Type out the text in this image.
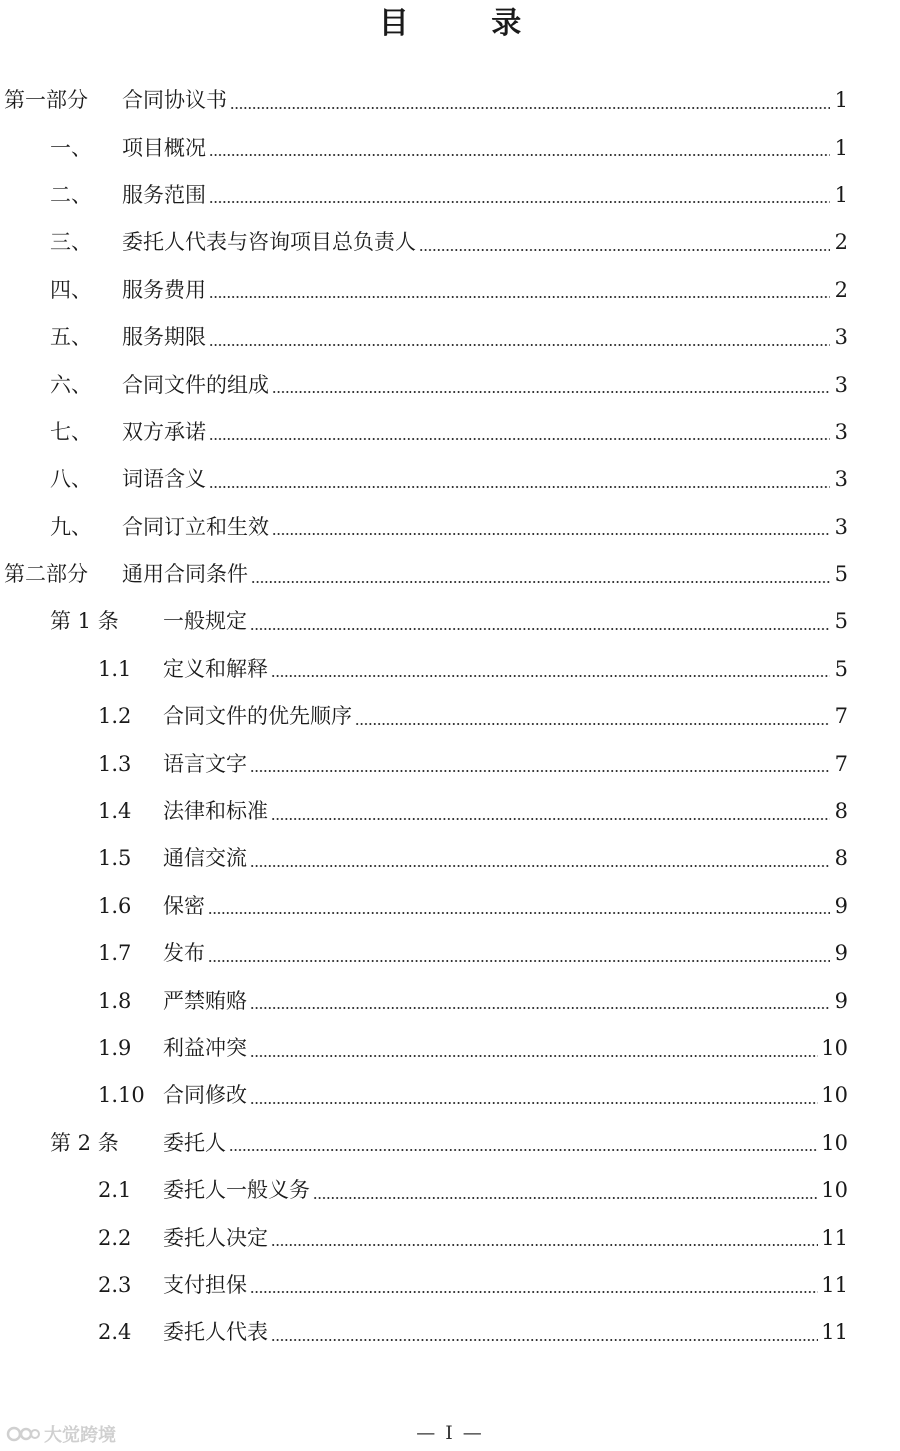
目 录
第一部分 合同协议书	1
一、 项目概况	1
二、 服务范围	1
三、 委托人代表与咨询项目总负责人	2
四、 服务费用	2
五、 服务期限	3
六、 合同文件的组成	3
七、 双方承诺	3
八、 词语含义	3
九、 合同订立和生效	3
第二部分 通用合同条件	5
第 1 条 一般规定	5
1.1 定义和解释	5
1.2 合同文件的优先顺序	7
1.3 语言文字	7
1.4 法律和标准	8
1.5 通信交流	8
1.6 保密	9
1.7 发布	9
1.8 严禁贿赂	9
1.9 利益冲突	10
1.10 合同修改	10
第 2 条 委托人	10
2.1 委托人一般义务	10
2.2 委托人决定	11
2.3 支付担保	11
2.4 委托人代表	11
大觉跨境	— I —
